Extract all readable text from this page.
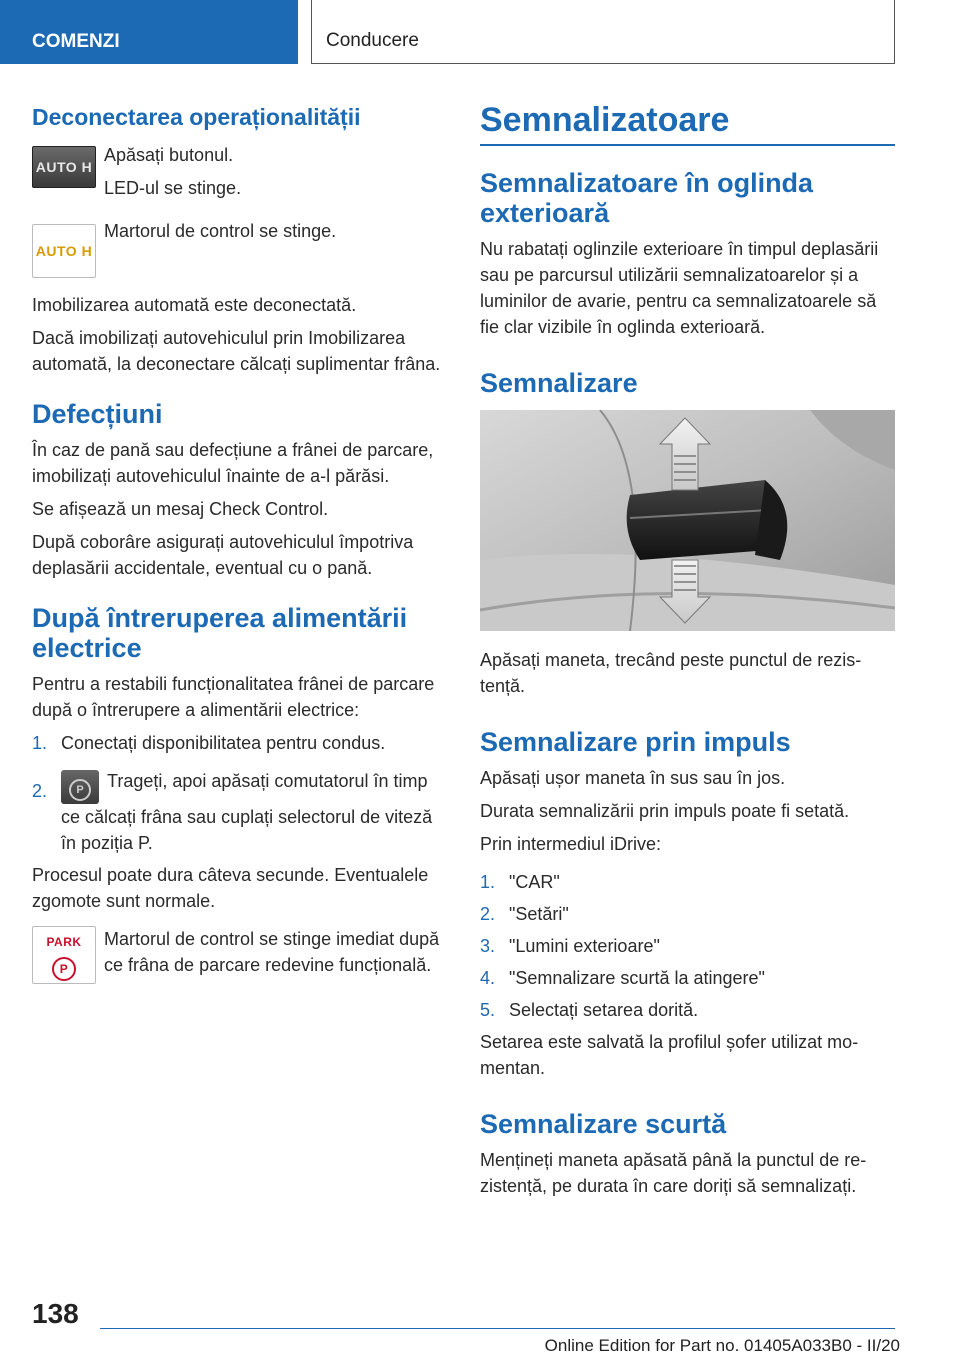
COMENZI	Conducere
Deconectarea operaționalității
AUTO H

Apăsați butonul.

LED-ul se stinge.

AUTO H

Martorul de control se stinge.

Imobilizarea automată este deconectată.

Dacă imobilizați autovehiculul prin Imobilizarea automată, la deconectare călcați suplimentar frâna.

Defecțiuni

În caz de pană sau defecțiune a frânei de parcare, imobilizați autovehiculul înainte de a-l părăsi.

Se afișează un mesaj Check Control.

După coborâre asigurați autovehiculul împotriva deplasării accidentale, eventual cu o pană.

După întreruperea alimentării electrice

Pentru a restabili funcționalitatea frânei de parcare după o întrerupere a alimentării electrice:

1. Conectați disponibilitatea pentru condus.
2.	P Trageți, apoi apăsați comutatorul în timp ce călcați frâna sau cuplați selectorul de viteză în poziția P.

Procesul poate dura câteva secunde. Eventualele zgomote sunt normale.

PARK
P

Martorul de control se stinge imediat după ce frâna de parcare redevine funcțională.

Semnalizatoare
Semnalizatoare în oglinda exterioară

Nu rabatați oglinzile exterioare în timpul deplasării sau pe parcursul utilizării semnalizatoarelor și a luminilor de avarie, pentru ca semnalizatoarele să fie clar vizibile în oglinda exterioară.

Semnalizare

Apăsați maneta, trecând peste punctul de rezistență.

Semnalizare prin impuls

Apăsați ușor maneta în sus sau în jos.

Durata semnalizării prin impuls poate fi setată.

Prin intermediul iDrive:

1. "CAR"
2. "Setări"
3. "Lumini exterioare"
4. "Semnalizare scurtă la atingere"
5. Selectați setarea dorită.

Setarea este salvată la profilul șofer utilizat momentan.

Semnalizare scurtă

Mențineți maneta apăsată până la punctul de rezistență, pe durata în care doriți să semnalizați.

138
Online Edition for Part no. 01405A033B0 - II/20
